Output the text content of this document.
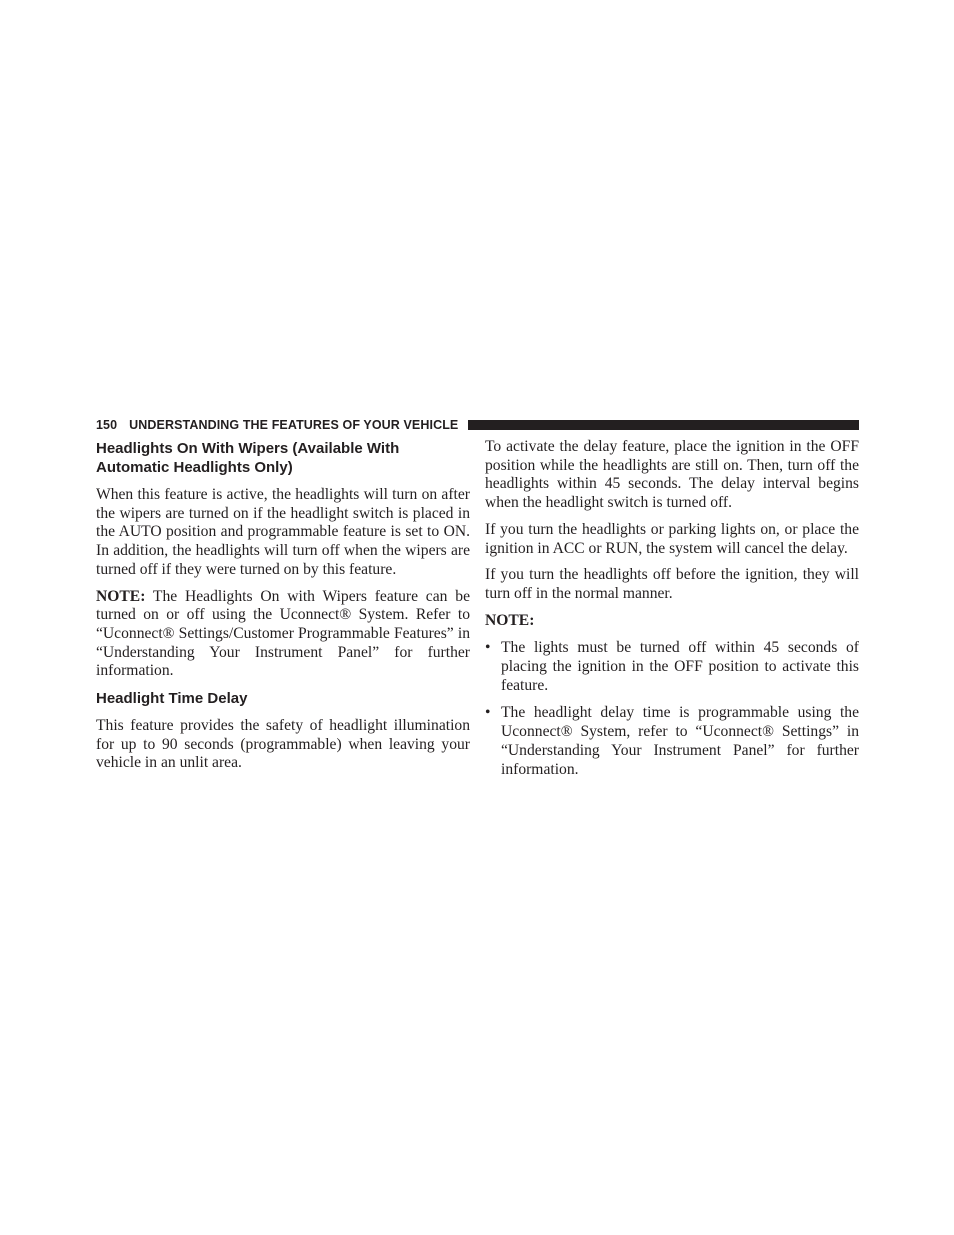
150 UNDERSTANDING THE FEATURES OF YOUR VEHICLE
Headlights On With Wipers (Available With Automatic Headlights Only)

When this feature is active, the headlights will turn on after the wipers are turned on if the headlight switch is placed in the AUTO position and programmable feature is set to ON. In addition, the headlights will turn off when the wipers are turned off if they were turned on by this feature.

NOTE: The Headlights On with Wipers feature can be turned on or off using the Uconnect® System. Refer to “Uconnect® Settings/Customer Programmable Features” in “Understanding Your Instrument Panel” for further information.

Headlight Time Delay

This feature provides the safety of headlight illumination for up to 90 seconds (programmable) when leaving your vehicle in an unlit area.

To activate the delay feature, place the ignition in the OFF position while the headlights are still on. Then, turn off the headlights within 45 seconds. The delay interval begins when the headlight switch is turned off.

If you turn the headlights or parking lights on, or place the ignition in ACC or RUN, the system will cancel the delay.

If you turn the headlights off before the ignition, they will turn off in the normal manner.

NOTE:

• The lights must be turned off within 45 seconds of placing the ignition in the OFF position to activate this feature.
• The headlight delay time is programmable using the Uconnect® System, refer to “Uconnect® Settings” in “Understanding Your Instrument Panel” for further information.
